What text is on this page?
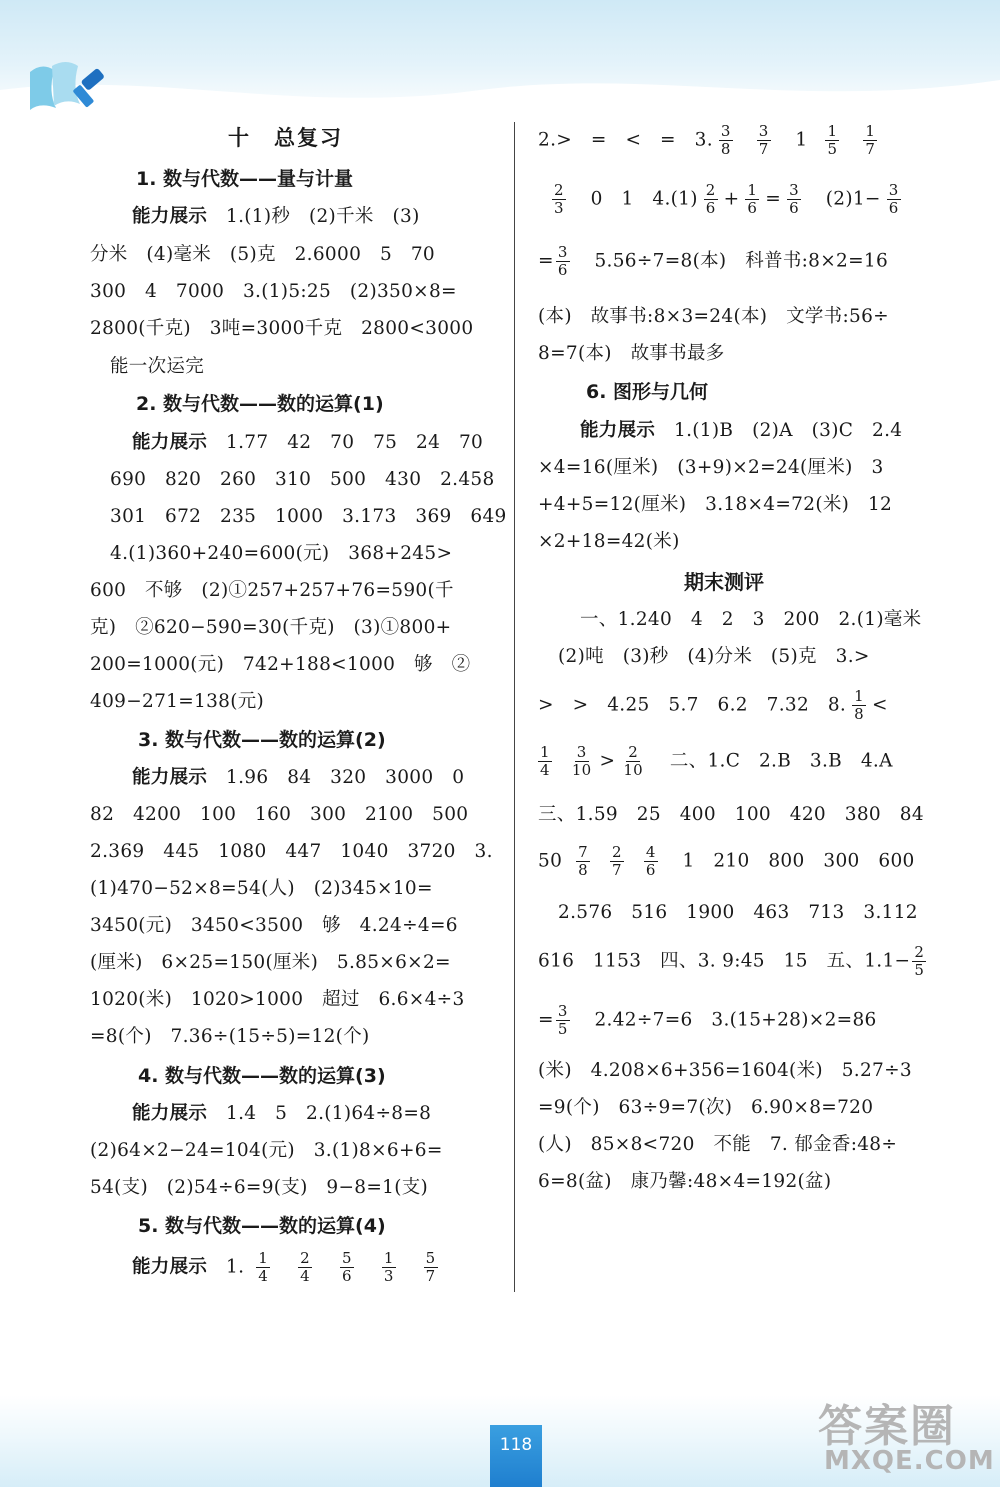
十　总复习
1. 数与代数——量与计量
能力展示　 1.(1)秒　(2)千米　(3)
分米　(4)毫米　(5)克　2.6000　5　70
300　4　7000　3.(1)5:25　(2)350×8=
2800(千克)　3吨=3000千克　2800<3000
能一次运完
2. 数与代数——数的运算(1)
能力展示　 1.77　42　70　75　24　70
690　820　260　310　500　430　2.458
301　672　235　1000　3.173　369　649
4.(1)360+240=600(元)　368+245>
600　不够　(2)①257+257+76=590(千
克)　②620−590=30(千克)　(3)①800+
200=1000(元)　742+188<1000　够　②
409−271=138(元)
3. 数与代数——数的运算(2)
能力展示　 1.96　84　320　3000　0
82　4200　100　160　300　2100　500
2.369　445　1080　447　1040　3720　3.
(1)470−52×8=54(人)　(2)345×10=
3450(元)　3450<3500　够　4.24÷4=6
(厘米)　6×25=150(厘米)　5.85×6×2=
1020(米)　1020>1000　超过　6.6×4÷3
=8(个)　7.36÷(15÷5)=12(个)
4. 数与代数——数的运算(3)
能力展示　 1.4　5　2.(1)64÷8=8
(2)64×2−24=104(元)　3.(1)8×6+6=
54(支)　(2)54÷6=9(支)　9−8=1(支)
5. 数与代数——数的运算(4)
能力展示　 1. $\frac{1}{4} \frac{2}{4} \frac{5}{6} \frac{1}{3} \frac{5}{7}$
2.>　=　<　=　3. $\frac{3}{8} \frac{3}{7}$
　 $1 \frac{1}{5} \frac{1}{7}$
$\frac{2}{3}$
　 0　1　$4.(1) \frac{2}{6} + \frac{1}{6} = \frac{3}{6}$
　 $(2)1- \frac{3}{6}$
= $\frac{3}{6}$
　 5.56÷7=8(本)　科普书:8×2=16
(本)　故事书:8×3=24(本)　文学书:56÷
8=7(本)　故事书最多
6. 图形与几何
能力展示　 1.(1)B　(2)A　(3)C　2.4
×4=16(厘米)　(3+9)×2=24(厘米)　3
+4+5=12(厘米)　3.18×4=72(米)　12
×2+18=42(米)
期末测评
一、1.240　4　2　3　200　2.(1)毫米
(2)吨　(3)秒　(4)分米　(5)克　3.>
>　>　4.25　5.7　6.2　7.32　8. $\frac{1}{8}$ <
$\frac{1}{4} \frac{3}{10} > \frac{2}{10}$
　 二、1.C　2.B　3.B　4.A
三、1.59　25　400　100　420　380　84
$50 \frac{7}{8} \frac{2}{7} \frac{4}{6}$
　 1　210　800　300　600
2.576　516　1900　463　713　3.112
616　1153　四、3. 9:45　15　五、$1.1- \frac{2}{5}$
= $\frac{3}{5}$
　 2.42÷7=6　3.(15+28)×2=86
(米)　4.208×6+356=1604(米)　5.27÷3
=9(个)　63÷9=7(次)　6.90×8=720
(人)　85×8<720　不能　7. 郁金香:48÷
6=8(盆)　康乃馨:48×4=192(盆)
118	答案圈
MXQE.COM
